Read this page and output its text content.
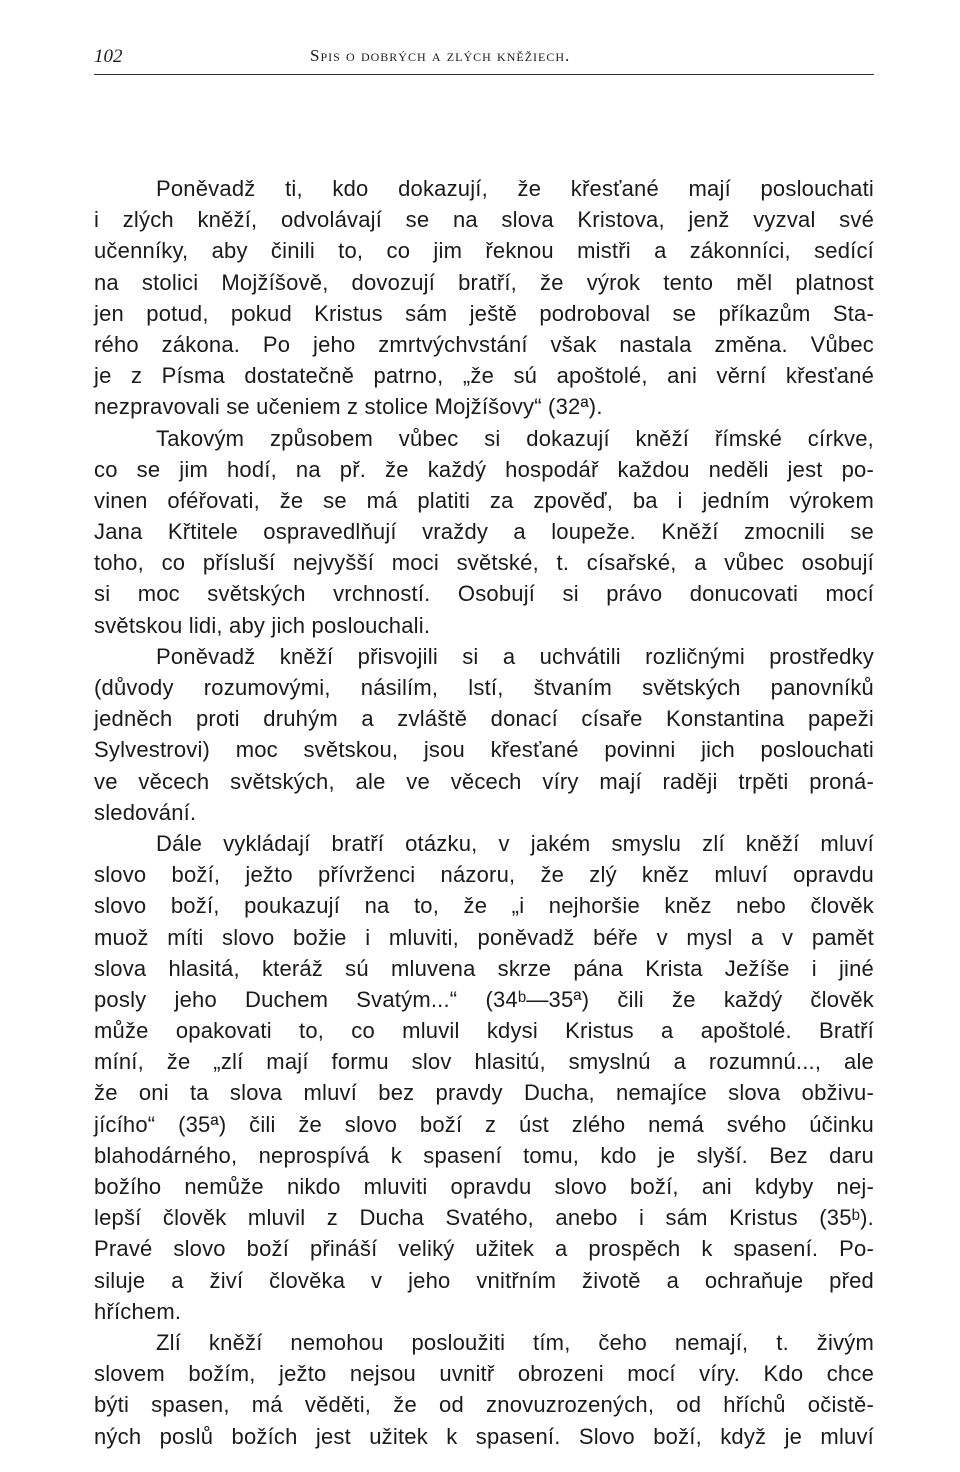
102	Spis o dobrých a zlých kněžiech.
Poněvadž ti, kdo dokazují, že křesťané mají poslouchati
i zlých kněží, odvolávají se na slova Kristova, jenž vyzval své
učenníky, aby činili to, co jim řeknou mistři a zákonníci, sedící
na stolici Mojžíšově, dovozují bratří, že výrok tento měl platnost
jen potud, pokud Kristus sám ještě podroboval se příkazům Sta-
rého zákona. Po jeho zmrtvýchvstání však nastala změna. Vůbec
je z Písma dostatečně patrno, „že sú apoštolé, ani věrní křesťané
nezpravovali se učeniem z stolice Mojžíšovy“ (32ª).
Takovým způsobem vůbec si dokazují kněží římské církve,
co se jim hodí, na př. že každý hospodář každou neděli jest po-
vinen oféřovati, že se má platiti za zpověď, ba i jedním výrokem
Jana Křtitele ospravedlňují vraždy a loupeže. Kněží zmocnili se
toho, co přísluší nejvyšší moci světské, t. císařské, a vůbec osobují
si moc světských vrchností. Osobují si právo donucovati mocí
světskou lidi, aby jich poslouchali.
Poněvadž kněží přisvojili si a uchvátili rozličnými prostředky
(důvody rozumovými, násilím, lstí, štvaním světských panovníků
jedněch proti druhým a zvláště donací císaře Konstantina papeži
Sylvestrovi) moc světskou, jsou křesťané povinni jich poslouchati
ve věcech světských, ale ve věcech víry mají raději trpěti proná-
sledování.
Dále vykládají bratří otázku, v jakém smyslu zlí kněží mluví
slovo boží, ježto přívrženci názoru, že zlý kněz mluví opravdu
slovo boží, poukazují na to, že „i nejhoršie kněz nebo člověk
muož míti slovo božie i mluviti, poněvadž béře v mysl a v pamět
slova hlasitá, kteráž sú mluvena skrze pána Krista Ježíše i jiné
posly jeho Duchem Svatým...“ (34ᵇ—35ª) čili že každý člověk
může opakovati to, co mluvil kdysi Kristus a apoštolé. Bratří
míní, že „zlí mají formu slov hlasitú, smyslnú a rozumnú..., ale
že oni ta slova mluví bez pravdy Ducha, nemajíce slova obživu-
jícího“ (35ª) čili že slovo boží z úst zlého nemá svého účinku
blahodárného, neprospívá k spasení tomu, kdo je slyší. Bez daru
božího nemůže nikdo mluviti opravdu slovo boží, ani kdyby nej-
lepší člověk mluvil z Ducha Svatého, anebo i sám Kristus (35ᵇ).
Pravé slovo boží přináší veliký užitek a prospěch k spasení. Po-
siluje a živí člověka v jeho vnitřním životě a ochraňuje před
hříchem.
Zlí kněží nemohou posloužiti tím, čeho nemají, t. živým
slovem božím, ježto nejsou uvnitř obrozeni mocí víry. Kdo chce
býti spasen, má věděti, že od znovuzrozených, od hříchů očistě-
ných poslů božích jest užitek k spasení. Slovo boží, když je mluví
